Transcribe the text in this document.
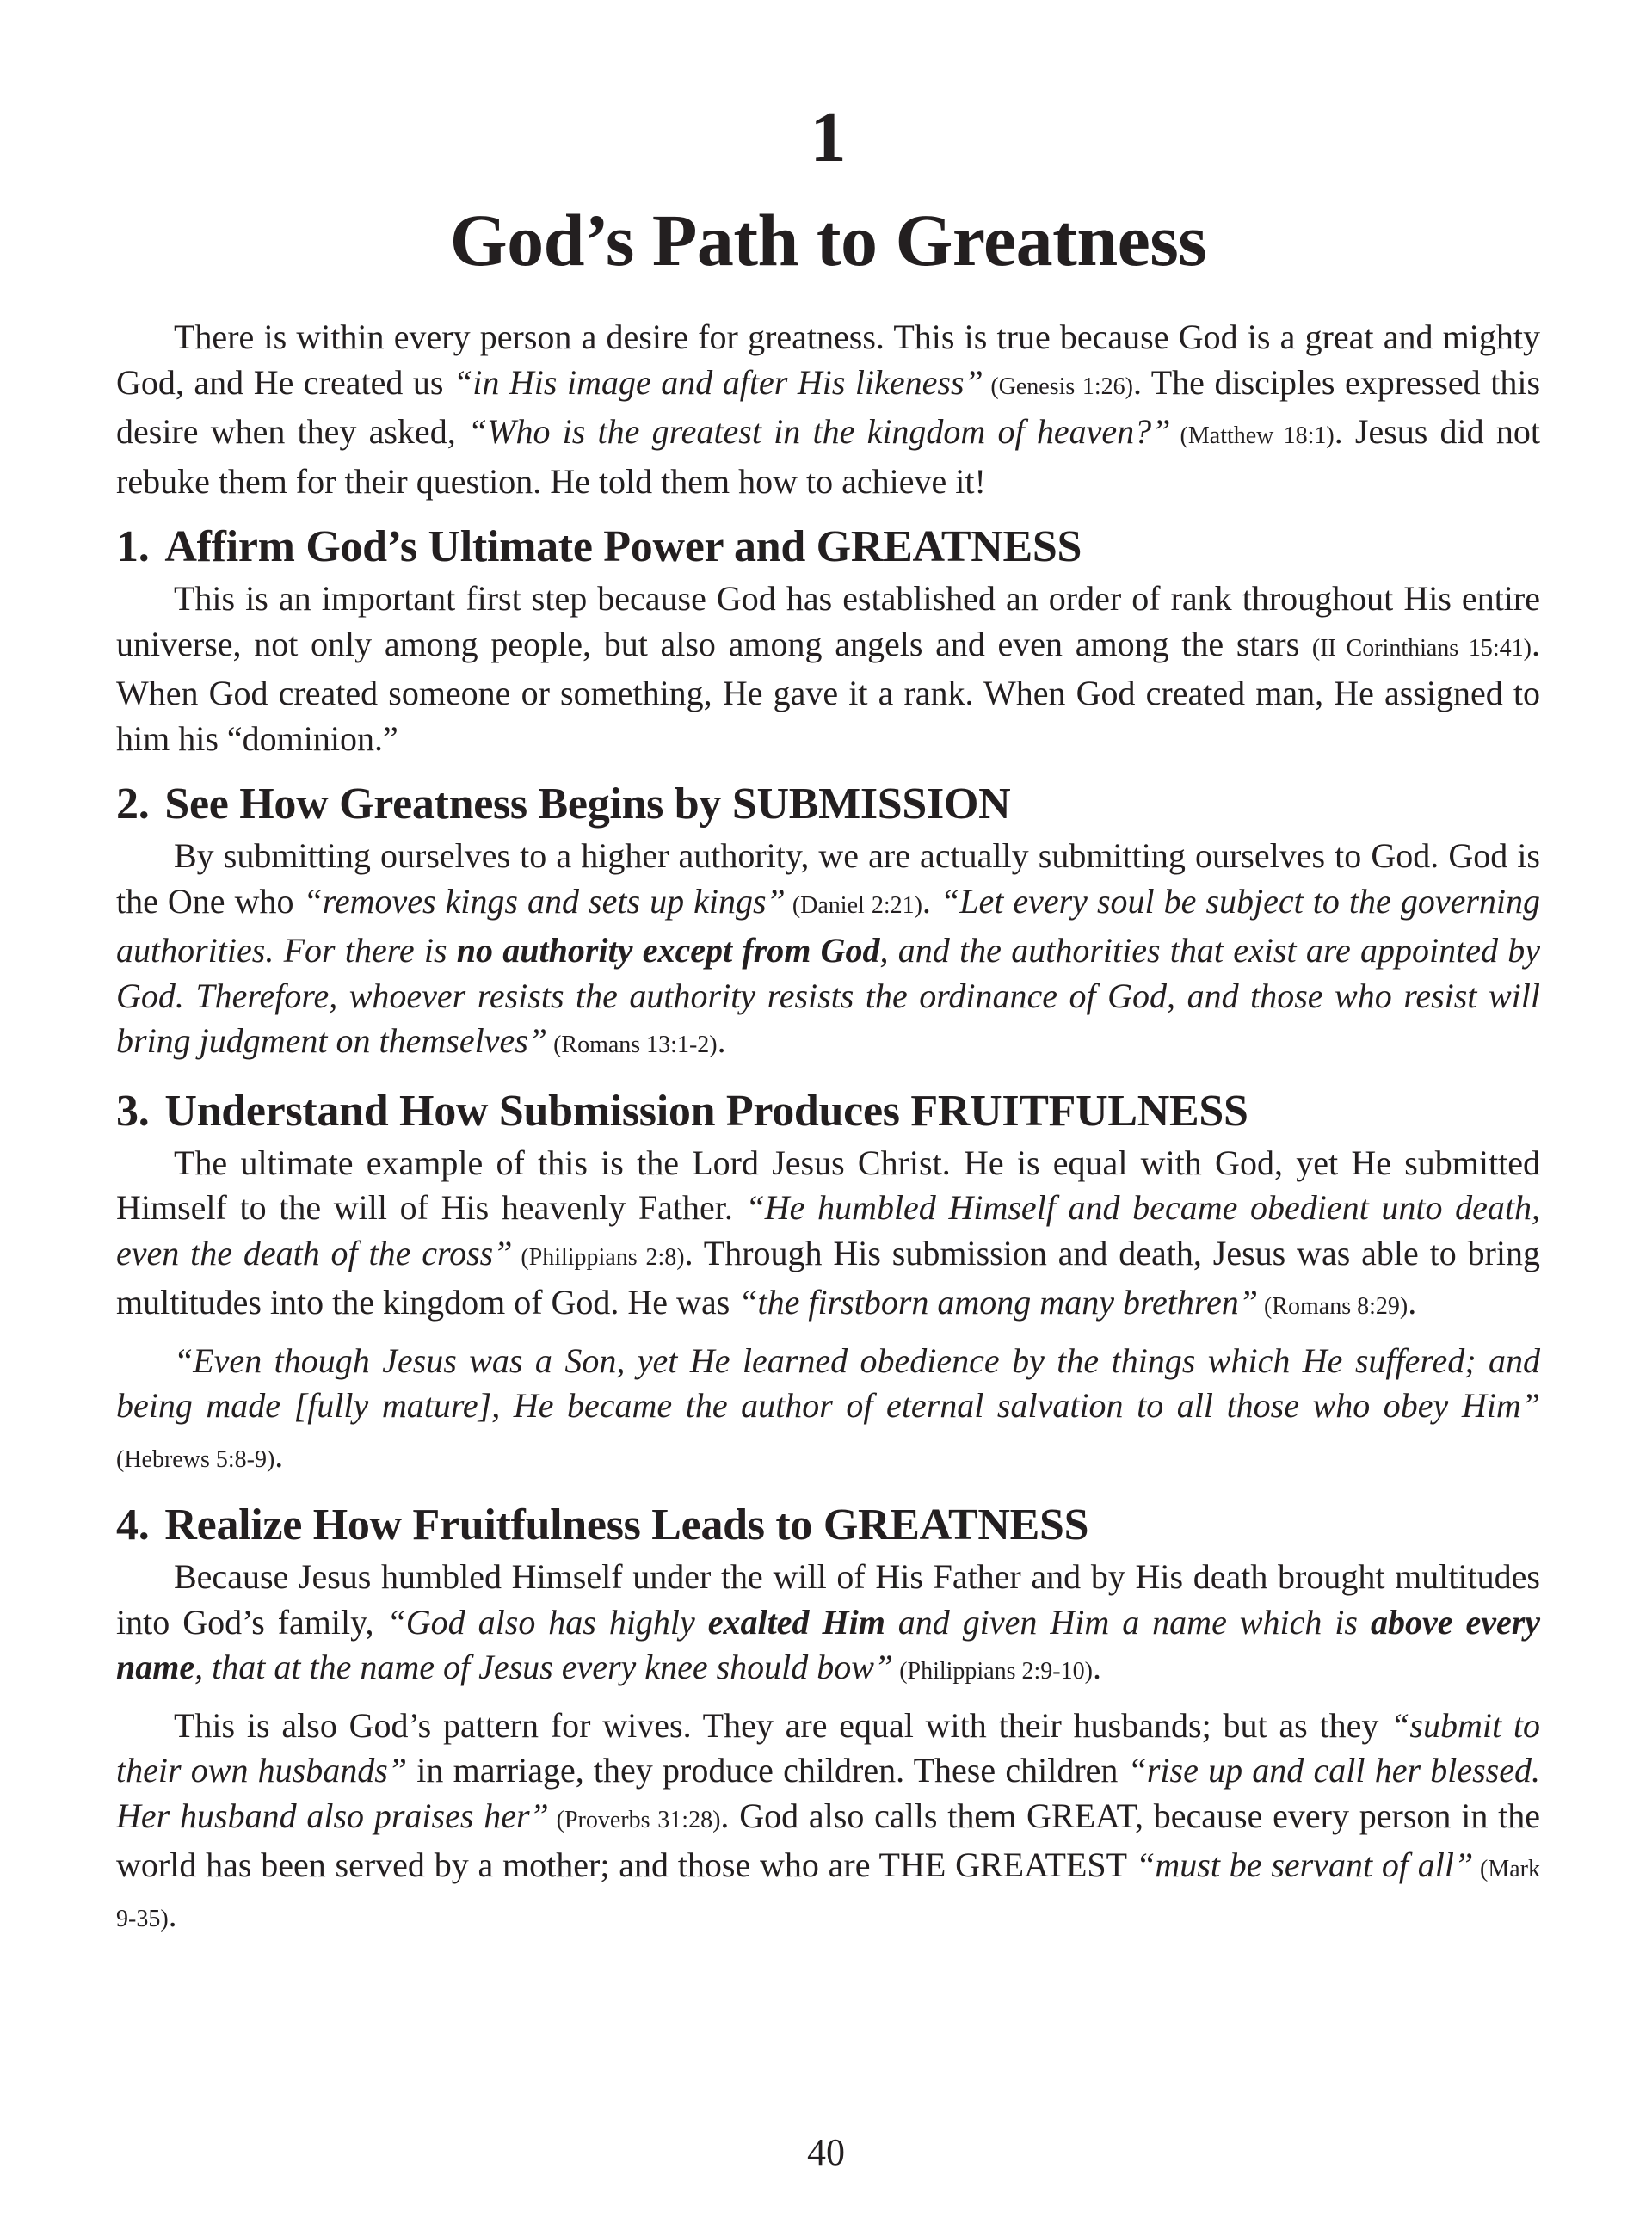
1
God’s Path to Greatness

There is within every person a desire for greatness. This is true because God is a great and mighty God, and He created us “in His image and after His likeness” (Genesis 1:26). The disciples expressed this desire when they asked, “Who is the greatest in the kingdom of heaven?” (Matthew 18:1). Jesus did not rebuke them for their question. He told them how to achieve it!

1. Affirm God’s Ultimate Power and GREATNESS

This is an important first step because God has established an order of rank throughout His entire universe, not only among people, but also among angels and even among the stars (II Corinthians 15:41). When God created someone or something, He gave it a rank. When God created man, He assigned to him his “dominion.”

2. See How Greatness Begins by SUBMISSION

By submitting ourselves to a higher authority, we are actually submitting ourselves to God. God is the One who “removes kings and sets up kings” (Daniel 2:21). “Let every soul be subject to the governing authorities. For there is no authority except from God, and the authorities that exist are appointed by God. Therefore, whoever resists the authority resists the ordinance of God, and those who resist will bring judgment on themselves” (Romans 13:1-2).

3. Understand How Submission Produces FRUITFULNESS

The ultimate example of this is the Lord Jesus Christ. He is equal with God, yet He submitted Himself to the will of His heavenly Father. “He humbled Himself and became obedient unto death, even the death of the cross” (Philippians 2:8). Through His submission and death, Jesus was able to bring multitudes into the kingdom of God. He was “the firstborn among many brethren” (Romans 8:29).

“Even though Jesus was a Son, yet He learned obedience by the things which He suffered; and being made [fully mature], He became the author of eternal salvation to all those who obey Him” (Hebrews 5:8-9).

4. Realize How Fruitfulness Leads to GREATNESS

Because Jesus humbled Himself under the will of His Father and by His death brought multitudes into God’s family, “God also has highly exalted Him and given Him a name which is above every name, that at the name of Jesus every knee should bow” (Philippians 2:9-10).

This is also God’s pattern for wives. They are equal with their husbands; but as they “submit to their own husbands” in marriage, they produce children. These children “rise up and call her blessed. Her husband also praises her” (Proverbs 31:28). God also calls them GREAT, because every person in the world has been served by a mother; and those who are THE GREATEST “must be servant of all” (Mark 9-35).

40
